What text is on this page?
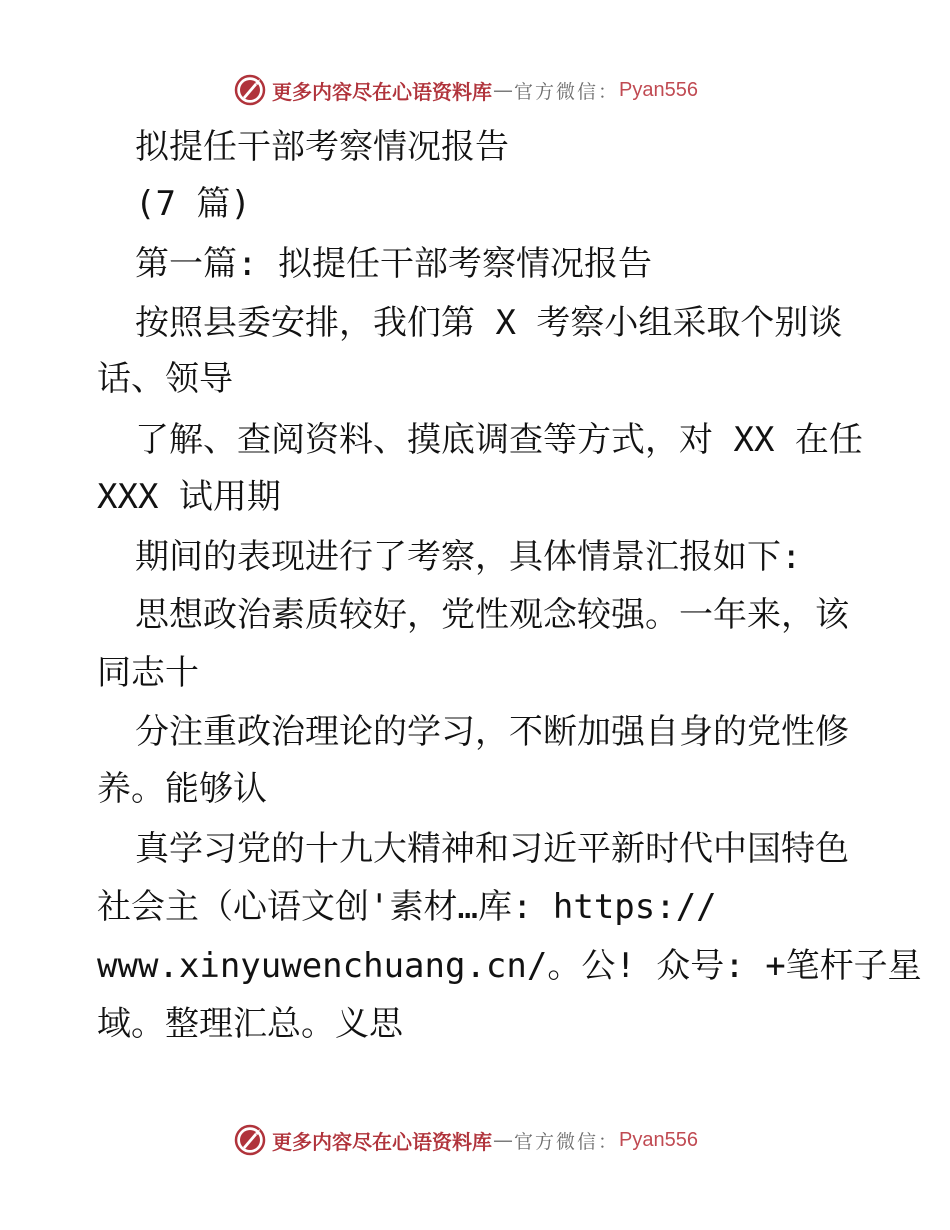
更多内容尽在心语资料库 — 官方微信： Pyan556
拟提任干部考察情况报告
(7 篇)
第一篇: 拟提任干部考察情况报告
按照县委安排，我们第 X 考察小组采取个别谈
话、领导
了解、查阅资料、摸底调查等方式，对 XX 在任
XXX 试用期
期间的表现进行了考察，具体情景汇报如下:
思想政治素质较好，党性观念较强。一年来，该
同志十
分注重政治理论的学习，不断加强自身的党性修
养。能够认
真学习党的十九大精神和习近平新时代中国特色
社会主（心语文创'素材…库: https://
www.xinyuwenchuang.cn/。公! 众号: +笔杆子星
域。整理汇总。义思
更多内容尽在心语资料库 — 官方微信： Pyan556
